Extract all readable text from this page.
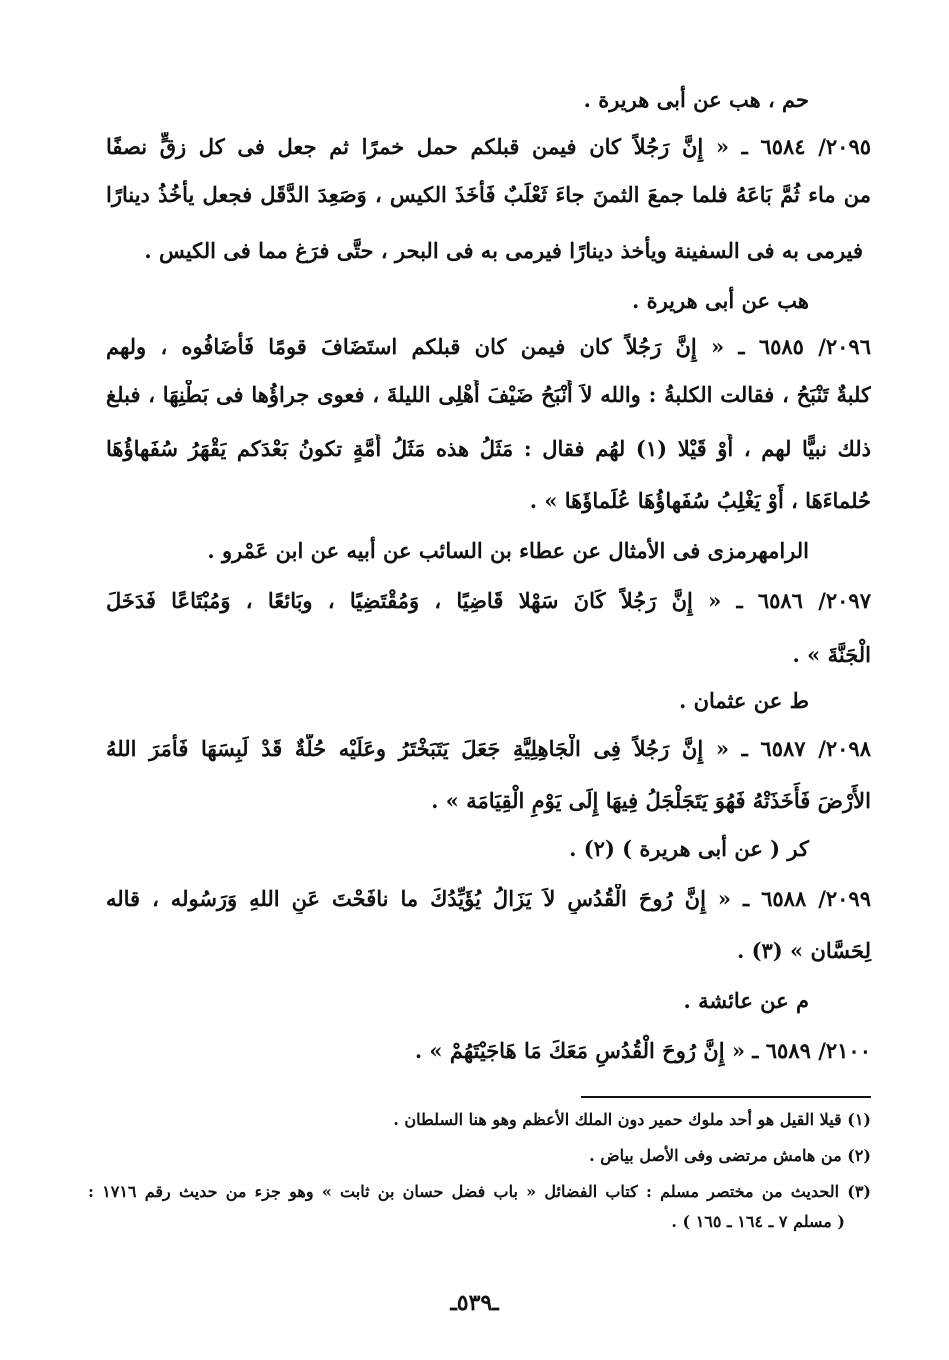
حم ، هب عن أبى هريرة .
٢٠٩٥/ ٦٥٨٤ ـ « إِنَّ رَجُلاً كان فيمن قبلكم حمل خمرًا ثم جعل فى كل زقٍّ نصفًا
من ماء ثُمَّ بَاعَهُ فلما جمعَ الثمنَ جاءَ ثَعْلَبٌ فَأَخَذَ الكيس ، وَصَعِدَ الدَّقَل فجعل يأْخُذُ دينارًا
فيرمى به فى السفينة ويأخذ دينارًا فيرمى به فى البحر ، حتَّى فرَغ مما فى الكيس .
هب عن أبى هريرة .
٢٠٩٦/ ٦٥٨٥ ـ « إِنَّ رَجُلاً كان فيمن كان قبلكم استَضَافَ قومًا فَأَضَافُوه ، ولهم
كلبةٌ تَنْبَحُ ، فقالت الكلبةُ : والله لاَ أَنْبَحُ ضَيْفَ أَهْلِى الليلةَ ، فعوى جراؤُها فى بَطْنِهَا ، فبلغ
ذلك نبيًّا لهم ، أَوْ قَيْلا (١) لهُم فقال : مَثَلُ هذه مَثَلُ أُمَّةٍ تكونُ بَعْدَكم يَقْهَرُ سُفَهاؤُهَا
حُلماءَهَا ، أَوْ يَغْلِبُ سُفَهاؤُهَا عُلَماؤَهَا » .
الرامهرمزى فى الأمثال عن عطاء بن السائب عن أبيه عن ابن عَمْرو .
٢٠٩٧/ ٦٥٨٦ ـ « إِنَّ رَجُلاً كَانَ سَهْلا قَاضِيًا ، وَمُقْتَضِيًا ، وبَائعًا ، وَمُبْتَاعًا فَدَخَلَ
الْجَنَّةَ » .
ط عن عثمان .
٢٠٩٨/ ٦٥٨٧ ـ « إِنَّ رَجُلاً فِى الْجَاهِلِيَّةِ جَعَلَ يَتَبَخْتَرُ وعَلَيْه حُلَّةٌ قَدْ لَبِسَهَا فَأَمَرَ اللهُ
الأَرْضَ فَأَخَذَتْهُ فَهُوَ يَتَجَلْجَلُ فِيهَا إِلَى يَوْمِ الْقِيَامَة » .
كر ( عن أبى هريرة ) (٢) .
٢٠٩٩/ ٦٥٨٨ ـ « إِنَّ رُوحَ الْقُدُسِ لاَ يَزَالُ يُؤَيِّدُكَ ما نافَحْتَ عَنِ اللهِ وَرَسُوله ، قاله
لِحَسَّان » (٣) .
م عن عائشة .
٢١٠٠/ ٦٥٨٩ ـ « إِنَّ رُوحَ الْقُدُسِ مَعَكَ مَا هَاجَيْتَهُمْ » .
(١) قيلا القيل هو أحد ملوك حمير دون الملك الأعظم وهو هنا السلطان .
(٢) من هامش مرتضى وفى الأصل بياض .
(٣) الحديث من مختصر مسلم : كتاب الفضائل « باب فضل حسان بن ثابت » وهو جزء من حديث رقم ١٧١٦ :
( مسلم ٧ ـ ١٦٤ ـ ١٦٥ ) .
ـ٥٣٩ـ
